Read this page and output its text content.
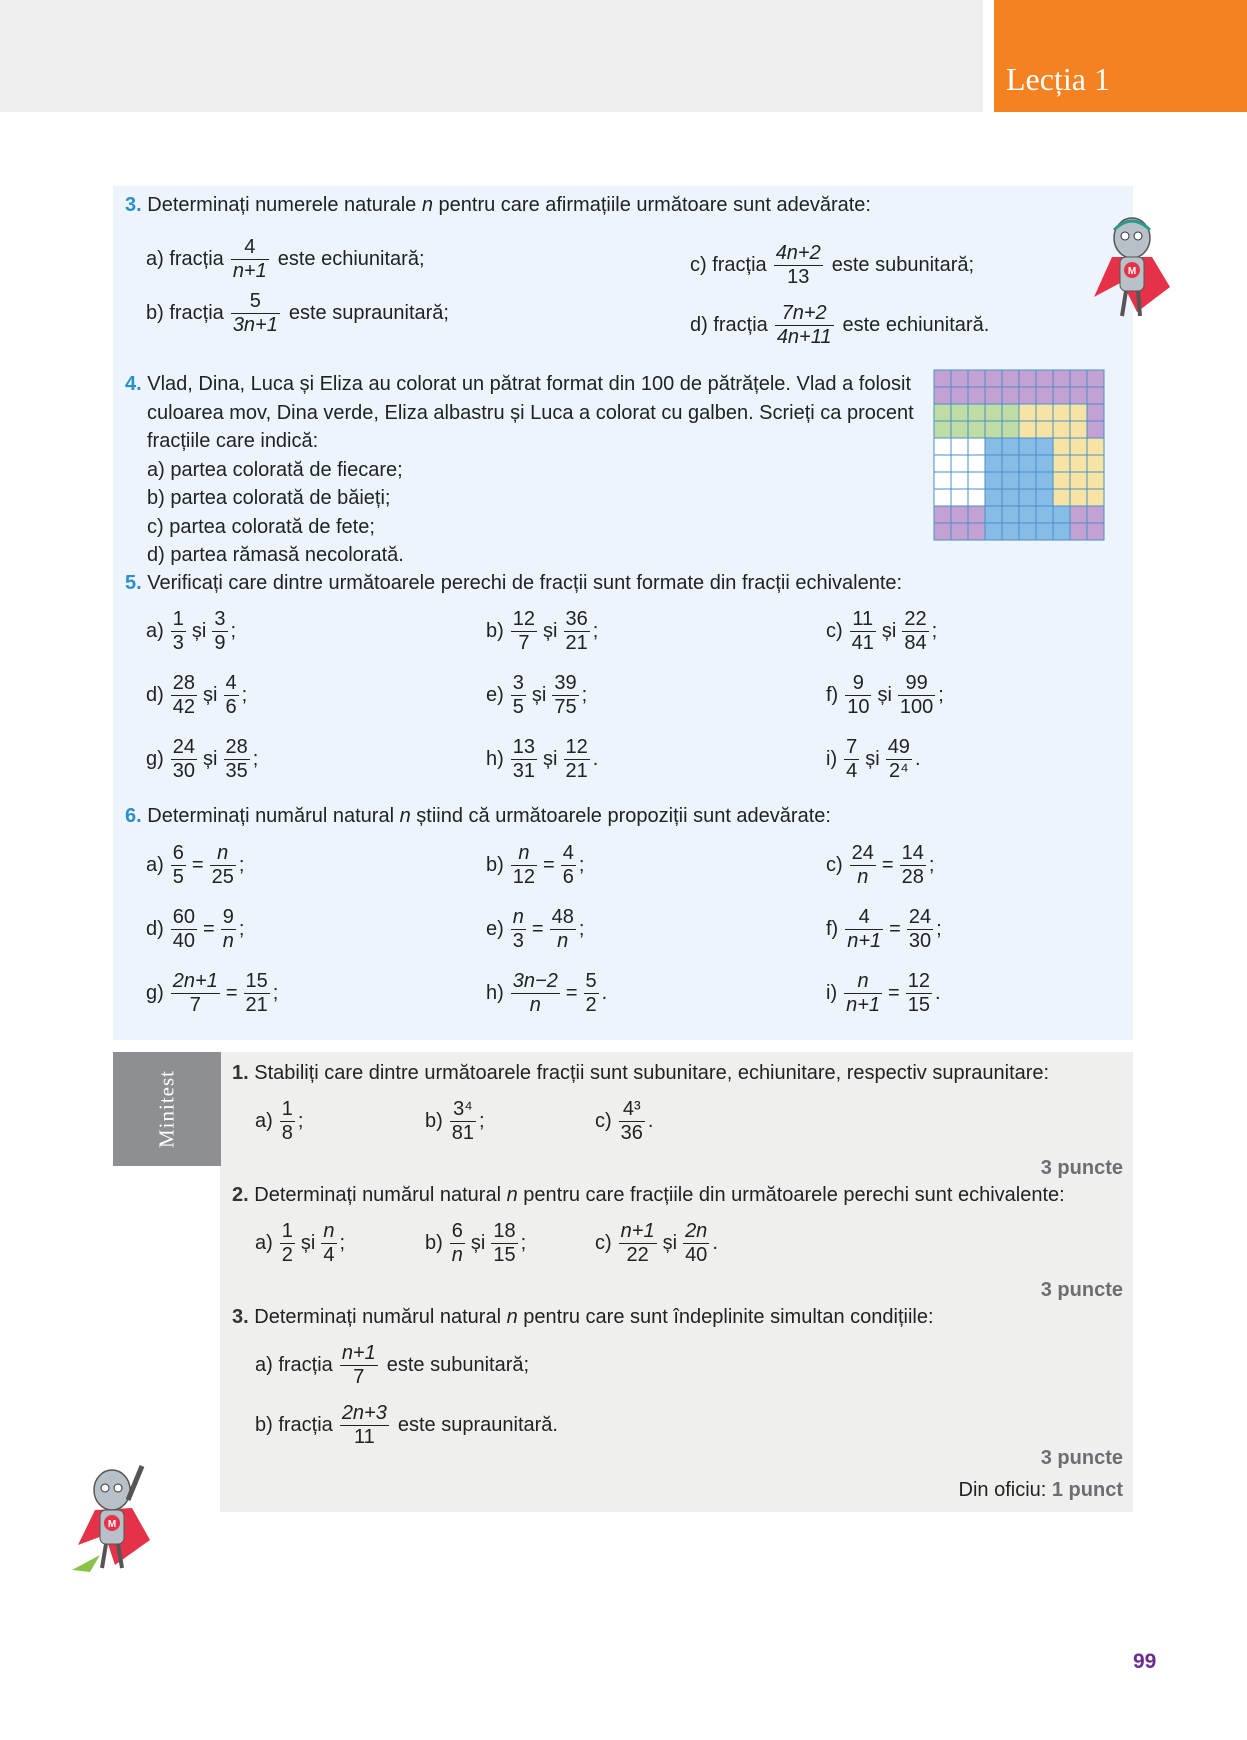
Lecția 1
3. Determinați numerele naturale n pentru care afirmațiile următoare sunt adevărate:
a) fracția $\frac{4}{n+1}$ este echiunitară;
b) fracția $\frac{5}{3n+1}$ este supraunitară;
c) fracția $\frac{4n+2}{13}$ este subunitară;
d) fracția $\frac{7n+2}{4n+11}$ este echiunitară.
M
4. Vlad, Dina, Luca și Eliza au colorat un pătrat format din 100 de pătrățele. Vlad a folosit
culoarea mov, Dina verde, Eliza albastru și Luca a colorat cu galben. Scrieți ca procent
fracțiile care indică:
a) partea colorată de fiecare;
b) partea colorată de băieți;
c) partea colorată de fete;
d) partea rămasă necolorată.
5. Verificați care dintre următoarele perechi de fracții sunt formate din fracții echivalente:
$a) \frac{1}{3}$ și $\frac{3}{9}$ ;	$b) \frac{12}{7}$ și $\frac{36}{21}$ ;	$c) \frac{11}{41}$ și $\frac{22}{84}$ ;
$d) \frac{28}{42}$ și $\frac{4}{6}$ ;	$e) \frac{3}{5}$ și $\frac{39}{75}$ ;	$f) \frac{9}{10}$ și $\frac{99}{100}$ ;
$g) \frac{24}{30}$ și $\frac{28}{35}$ ;	$h) \frac{13}{31}$ și $\frac{12}{21}$ .	$i) \frac{7}{4}$ și $\frac{49}{\text{2⁴}}$ .
6. Determinați numărul natural n știind că următoarele propoziții sunt adevărate:
$a) \frac{6}{5} = \frac{n}{25}$ ;	$b) \frac{n}{12} = \frac{4}{6}$ ;	$c) \frac{24}{n} = \frac{14}{28}$ ;
$d) \frac{60}{40} = \frac{9}{n}$ ;	$e) \frac{n}{3} = \frac{48}{n}$ ;	$f) \frac{4}{n+1} = \frac{24}{30}$ ;
$g) \frac{2n+1}{7} = \frac{15}{21}$ ;	$h) \frac{3n-2}{n} = \frac{5}{2}$ .	$i) \frac{n}{n+1} = \frac{12}{15}$ .
Minitest	1. Stabiliți care dintre următoarele fracții sunt subunitare, echiunitare, respectiv supraunitare:
$a) \frac{1}{8}$ ;	$b) \frac{\text{3⁴}}{81}$ ;	$c) \frac{\text{4³}}{36}$ .
3 puncte
2. Determinați numărul natural n pentru care fracțiile din următoarele perechi sunt echivalente:
$a) \frac{1}{2}$ și $\frac{n}{4}$ ;	$b) \frac{6}{n}$ și $\frac{18}{15}$ ;	$c) \frac{n+1}{22}$ și $\frac{2n}{40}$ .
3 puncte
3. Determinați numărul natural n pentru care sunt îndeplinite simultan condițiile:
a) fracția $\frac{n+1}{7}$ este subunitară;
b) fracția $\frac{2n+3}{11}$ este supraunitară.
3 puncte
Din oficiu: 1 punct
M
99
